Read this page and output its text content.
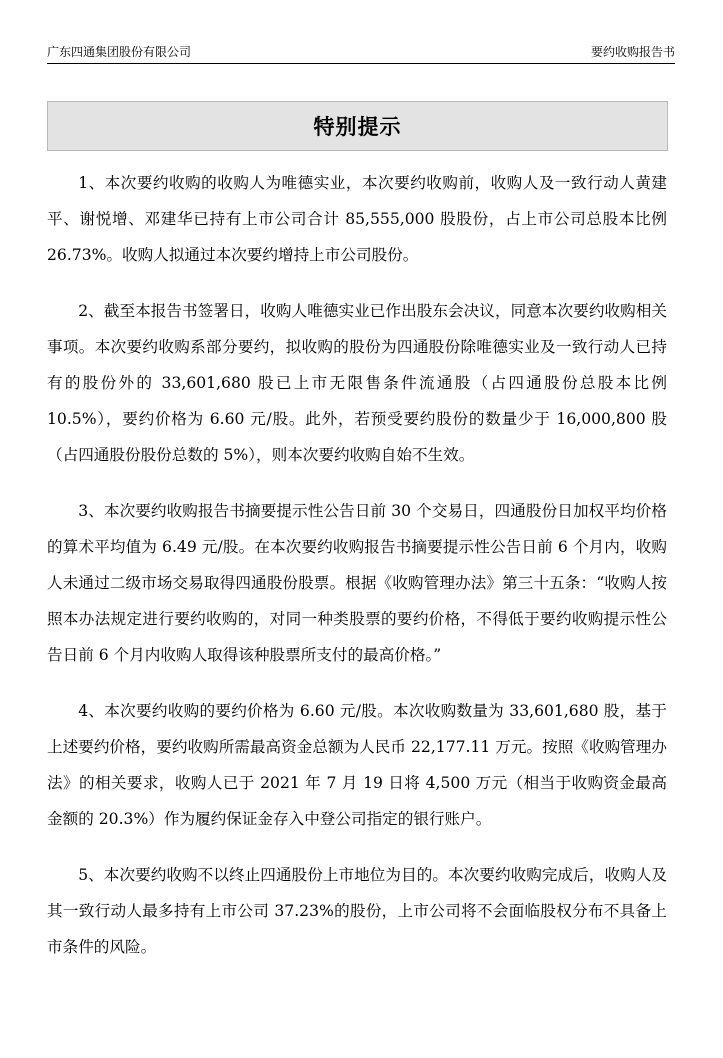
广东四通集团股份有限公司	要约收购报告书
特别提示

1、本次要约收购的收购人为唯德实业，本次要约收购前，收购人及一致行动人黄建平、谢悦增、邓建华已持有上市公司合计 85,555,000 股股份，占上市公司总股本比例 26.73%。收购人拟通过本次要约增持上市公司股份。

2、截至本报告书签署日，收购人唯德实业已作出股东会决议，同意本次要约收购相关事项。本次要约收购系部分要约，拟收购的股份为四通股份除唯德实业及一致行动人已持有的股份外的 33,601,680 股已上市无限售条件流通股（占四通股份总股本比例 10.5%），要约价格为 6.60 元/股。此外，若预受要约股份的数量少于 16,000,800 股（占四通股份股份总数的 5%），则本次要约收购自始不生效。

3、本次要约收购报告书摘要提示性公告日前 30 个交易日，四通股份日加权平均价格的算术平均值为 6.49 元/股。在本次要约收购报告书摘要提示性公告日前 6 个月内，收购人未通过二级市场交易取得四通股份股票。根据《收购管理办法》第三十五条：“收购人按照本办法规定进行要约收购的，对同一种类股票的要约价格，不得低于要约收购提示性公告日前 6 个月内收购人取得该种股票所支付的最高价格。”

4、本次要约收购的要约价格为 6.60 元/股。本次收购数量为 33,601,680 股，基于上述要约价格，要约收购所需最高资金总额为人民币 22,177.11 万元。按照《收购管理办法》的相关要求，收购人已于 2021 年 7 月 19 日将 4,500 万元（相当于收购资金最高金额的 20.3%）作为履约保证金存入中登公司指定的银行账户。

5、本次要约收购不以终止四通股份上市地位为目的。本次要约收购完成后，收购人及其一致行动人最多持有上市公司 37.23%的股份，上市公司将不会面临股权分布不具备上市条件的风险。
